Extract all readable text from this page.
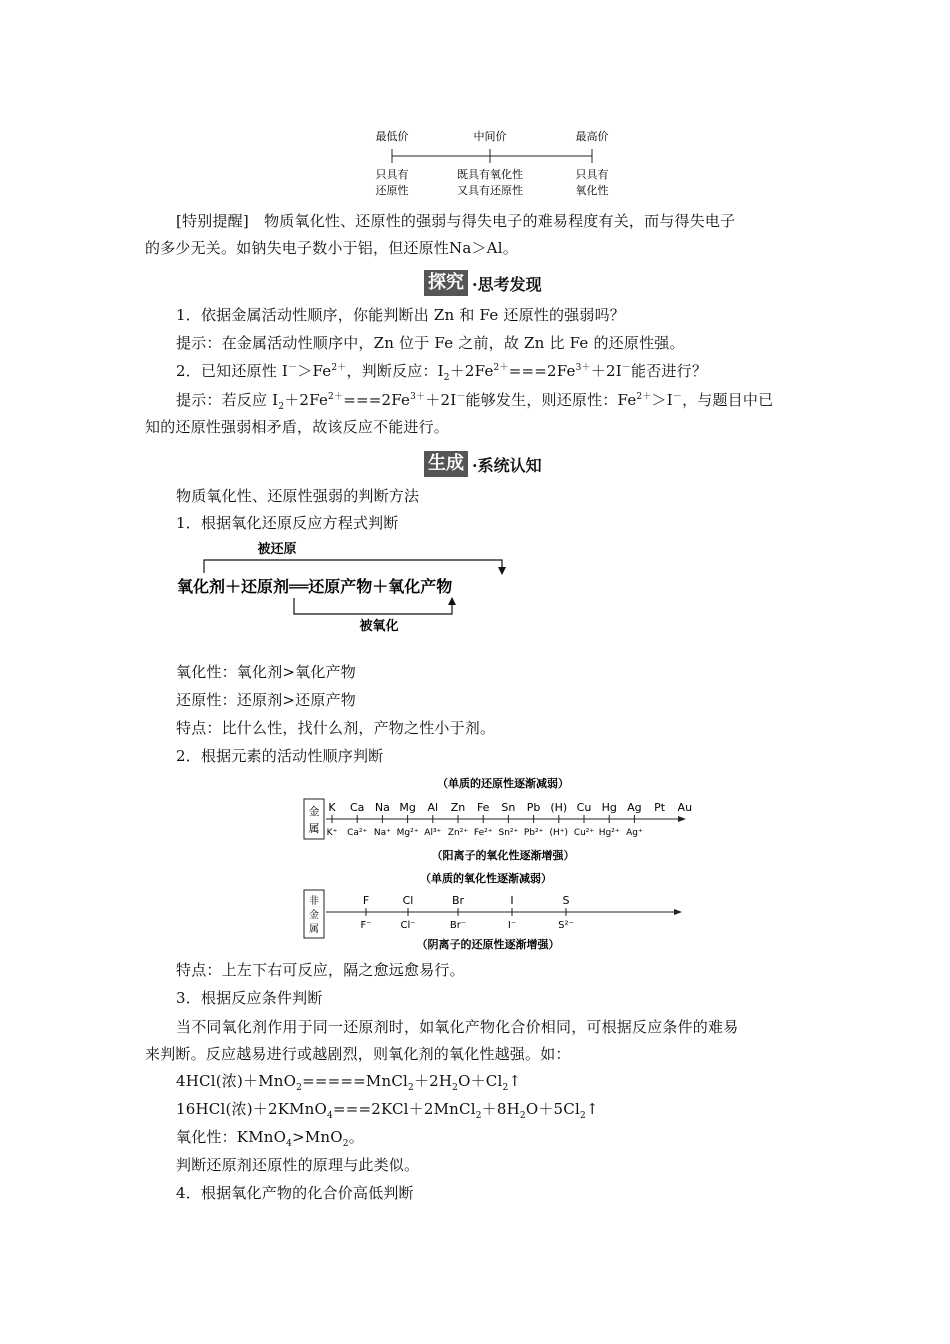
最低价	中间价	最高价
只具有
还原性
既具有氧化性
又具有还原性
只具有
氧化性
[特别提醒]　物质氧化性、还原性的强弱与得失电子的难易程度有关，而与得失电子
的多少无关。如钠失电子数小于铝，但还原性Na＞Al。
探究 ·思考发现
1．依据金属活动性顺序，你能判断出 Zn 和 Fe 还原性的强弱吗？
提示：在金属活动性顺序中，Zn 位于 Fe 之前，故 Zn 比 Fe 的还原性强。
2．已知还原性 $I^->Fe^{2+}$，判断反应：$I_2+2Fe^{2+}===2Fe^{3+}+2I^-$能否进行？
提示：若反应 $I_2+2Fe^{2+}===2Fe^{3+}+2I^-$能够发生，则还原性：$Fe^{2+}>I^-$，与题目中已
知的还原性强弱相矛盾，故该反应不能进行。
生成 ·系统认知
物质氧化性、还原性强弱的判断方法
1．根据氧化还原反应方程式判断
被还原
氧化剂＋还原剂══还原产物＋氧化产物
被氧化
氧化性：氧化剂>氧化产物
还原性：还原剂>还原产物
特点：比什么性，找什么剂，产物之性小于剂。
2．根据元素的活动性顺序判断
（单质的还原性逐渐减弱）
金
属
K
K⁺
Ca
Ca²⁺
Na
Na⁺
Mg
Mg²⁺
Al
Al³⁺
Zn
Zn²⁺
Fe
Fe²⁺
Sn
Sn²⁺
Pb
Pb²⁺
(H)
(H⁺)
Cu
Cu²⁺
Hg
Hg²⁺
Ag
Ag⁺
Pt Au
（阳离子的氧化性逐渐增强）
（单质的氧化性逐渐减弱）
非
金
属
F
F⁻
Cl
Cl⁻
Br
Br⁻
I
I⁻
S
S²⁻
（阴离子的还原性逐渐增强）
特点：上左下右可反应，隔之愈远愈易行。
3．根据反应条件判断
当不同氧化剂作用于同一还原剂时，如氧化产物化合价相同，可根据反应条件的难易
来判断。反应越易进行或越剧烈，则氧化剂的氧化性越强。如：
4HCl(浓)$+MnO_2=====MnCl_2+2H_2O+Cl_2↑$
16HCl(浓)$+2KMnO_4===2KCl+2MnCl_2+8H_2O+5Cl_2↑$
氧化性：KMnO$_4$>MnO$_2$。
判断还原剂还原性的原理与此类似。
4．根据氧化产物的化合价高低判断
